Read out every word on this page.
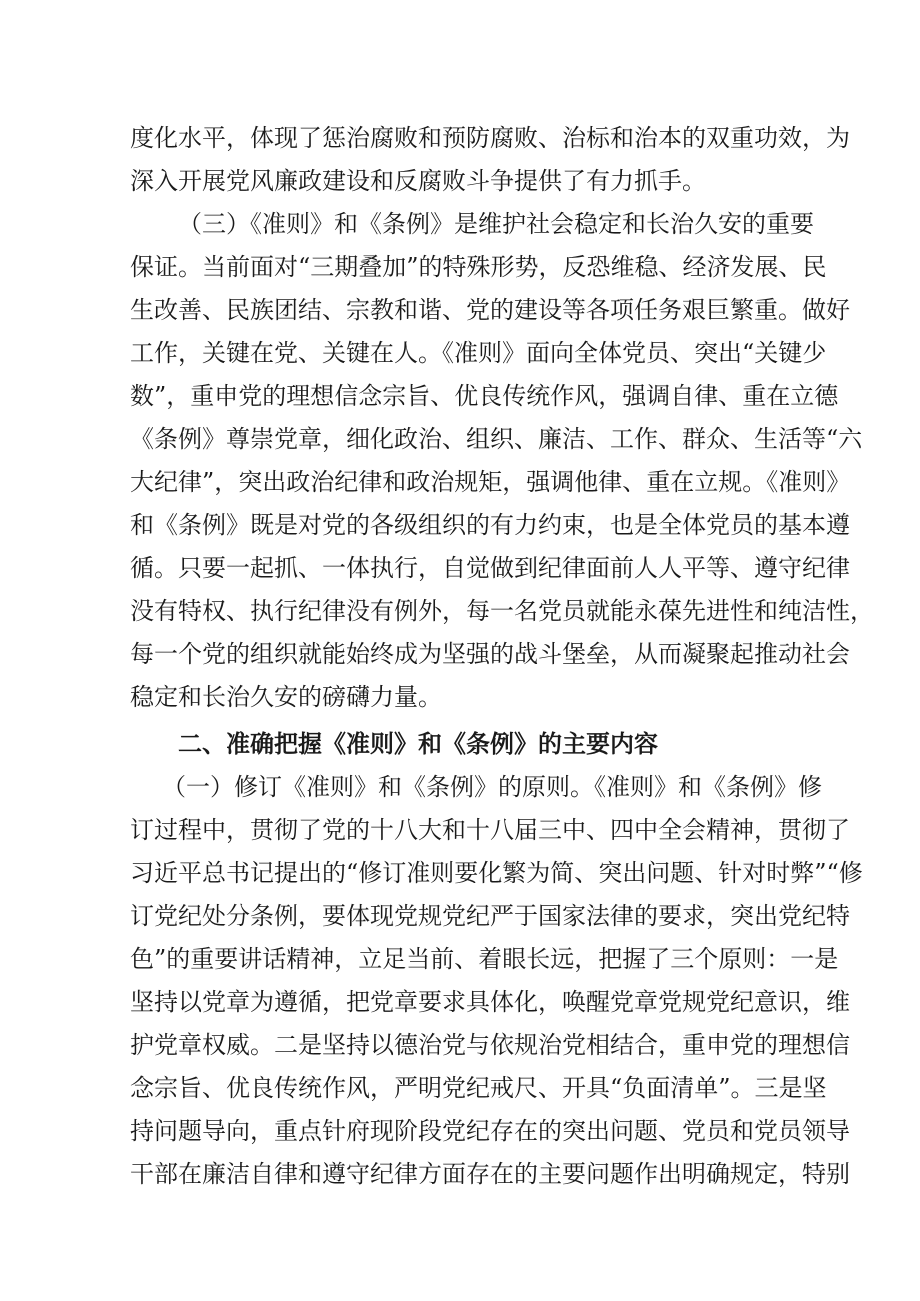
度化水平，体现了惩治腐败和预防腐败、治标和治本的双重功效，为
深入开展党风廉政建设和反腐败斗争提供了有力抓手。
（三）《准则》和《条例》是维护社会稳定和长治久安的重要
保证。当前面对“三期叠加”的特殊形势，反恐维稳、经济发展、民
生改善、民族团结、宗教和谐、党的建设等各项任务艰巨繁重。做好
工作，关键在党、关键在人。《准则》面向全体党员、突出“关键少
数”，重申党的理想信念宗旨、优良传统作风，强调自律、重在立德
《条例》尊崇党章，细化政治、组织、廉洁、工作、群众、生活等“六
大纪律”，突出政治纪律和政治规矩，强调他律、重在立规。《准则》
和《条例》既是对党的各级组织的有力约束，也是全体党员的基本遵
循。只要一起抓、一体执行，自觉做到纪律面前人人平等、遵守纪律
没有特权、执行纪律没有例外，每一名党员就能永葆先进性和纯洁性，
每一个党的组织就能始终成为坚强的战斗堡垒，从而凝聚起推动社会
稳定和长治久安的磅礴力量。
二、准确把握《准则》和《条例》的主要内容
（一）修订《准则》和《条例》的原则。《准则》和《条例》修
订过程中，贯彻了党的十八大和十八届三中、四中全会精神，贯彻了
习近平总书记提出的“修订准则要化繁为简、突出问题、针对时弊”“修
订党纪处分条例，要体现党规党纪严于国家法律的要求，突出党纪特
色”的重要讲话精神，立足当前、着眼长远，把握了三个原则：一是
坚持以党章为遵循，把党章要求具体化，唤醒党章党规党纪意识，维
护党章权威。二是坚持以德治党与依规治党相结合，重申党的理想信
念宗旨、优良传统作风，严明党纪戒尺、开具“负面清单”。三是坚
持问题导向，重点针府现阶段党纪存在的突出问题、党员和党员领导
干部在廉洁自律和遵守纪律方面存在的主要问题作出明确规定，特别
